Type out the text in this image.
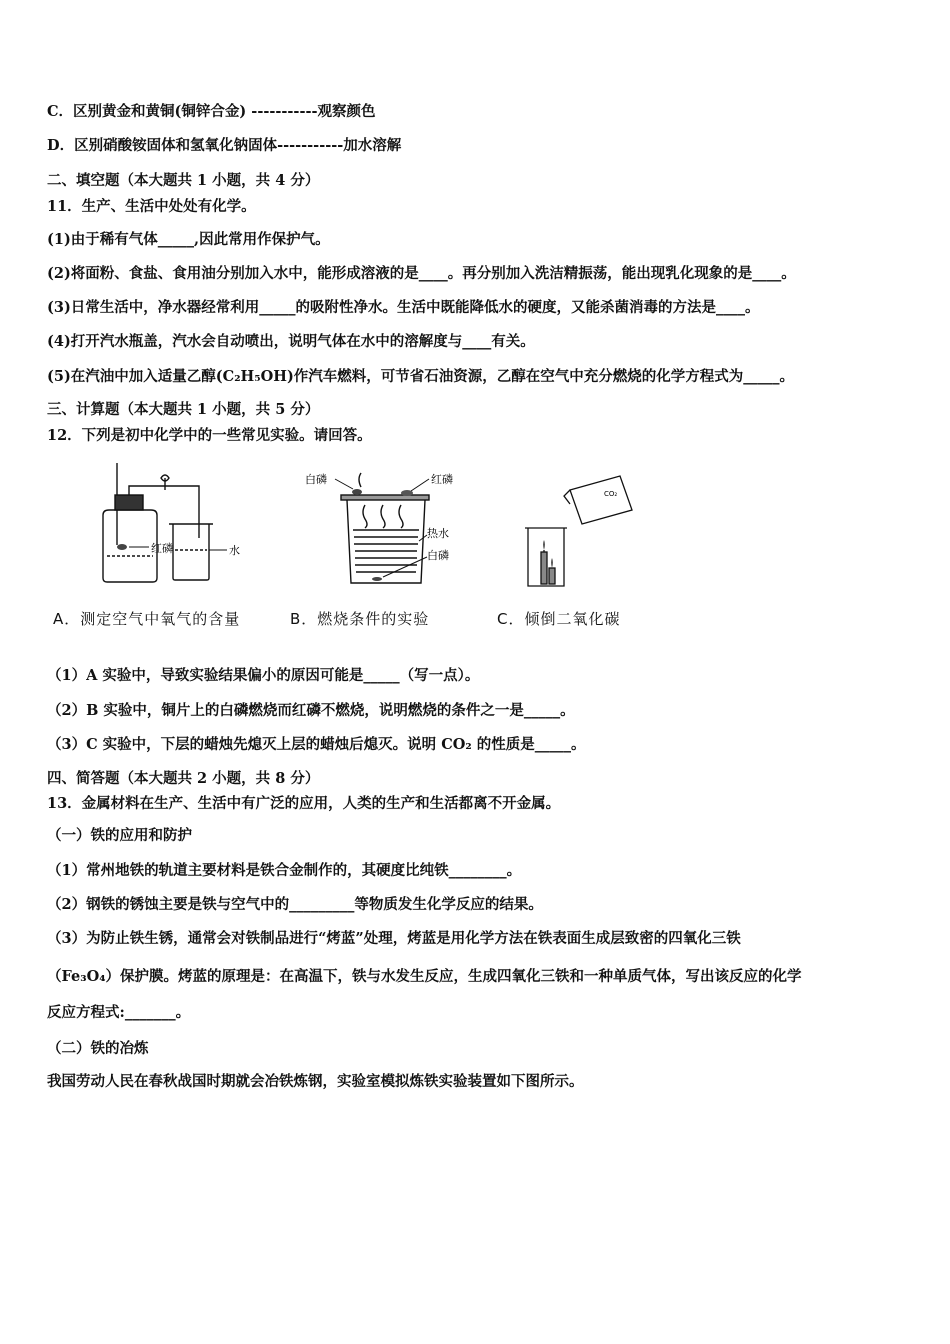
C．区别黄金和黄铜(铜锌合金) -----------观察颜色
D．区别硝酸铵固体和氢氧化钠固体-----------加水溶解
二、填空题（本大题共 1 小题，共 4 分）
11．生产、生活中处处有化学。
(1)由于稀有气体_____,因此常用作保护气。
(2)将面粉、食盐、食用油分别加入水中，能形成溶液的是____。再分别加入洗洁精振荡，能出现乳化现象的是____。
(3)日常生活中，净水器经常利用_____的吸附性净水。生活中既能降低水的硬度，又能杀菌消毒的方法是____。
(4)打开汽水瓶盖，汽水会自动喷出，说明气体在水中的溶解度与____有关。
(5)在汽油中加入适量乙醇(C₂H₅OH)作汽车燃料，可节省石油资源，乙醇在空气中充分燃烧的化学方程式为_____。
三、计算题（本大题共 1 小题，共 5 分）
12．下列是初中化学中的一些常见实验。请回答。
红磷	水
白磷	红磷
热水
白磷
CO₂
A．测定空气中氧气的含量	B．燃烧条件的实验	C．倾倒二氧化碳
（1）A 实验中，导致实验结果偏小的原因可能是_____（写一点）。
（2）B 实验中，铜片上的白磷燃烧而红磷不燃烧，说明燃烧的条件之一是_____。
（3）C 实验中，下层的蜡烛先熄灭上层的蜡烛后熄灭。说明 CO₂ 的性质是_____。
四、简答题（本大题共 2 小题，共 8 分）
13．金属材料在生产、生活中有广泛的应用，人类的生产和生活都离不开金属。
（一）铁的应用和防护
（1）常州地铁的轨道主要材料是铁合金制作的，其硬度比纯铁________。
（2）钢铁的锈蚀主要是铁与空气中的_________等物质发生化学反应的结果。
（3）为防止铁生锈，通常会对铁制品进行“烤蓝”处理，烤蓝是用化学方法在铁表面生成层致密的四氧化三铁
（Fe₃O₄）保护膜。烤蓝的原理是：在高温下，铁与水发生反应，生成四氧化三铁和一种单质气体，写出该反应的化学
反应方程式:_______。
（二）铁的冶炼
我国劳动人民在春秋战国时期就会冶铁炼钢，实验室模拟炼铁实验装置如下图所示。
